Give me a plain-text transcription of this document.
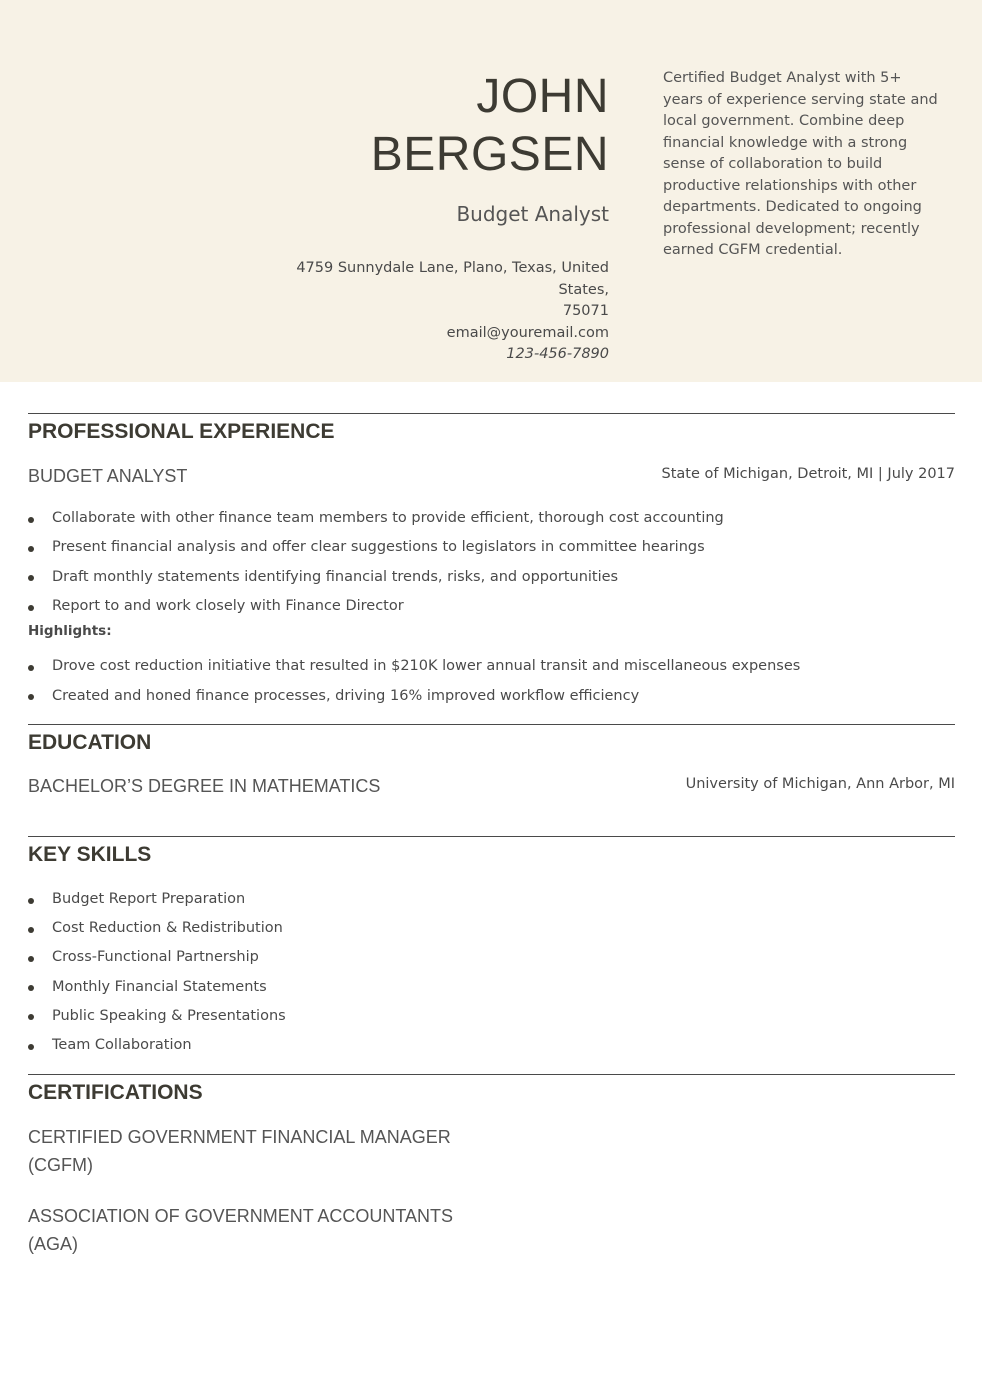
JOHN
BERGSEN
Budget Analyst
4759 Sunnydale Lane, Plano, Texas, United States,
75071
email@youremail.com
123-456-7890
Certified Budget Analyst with 5+ years of experience serving state and local government. Combine deep financial knowledge with a strong sense of collaboration to build productive relationships with other departments. Dedicated to ongoing professional development; recently earned CGFM credential.
PROFESSIONAL EXPERIENCE
BUDGET ANALYST	State of Michigan, Detroit, MI | July 2017
Collaborate with other finance team members to provide efficient, thorough cost accounting
Present financial analysis and offer clear suggestions to legislators in committee hearings
Draft monthly statements identifying financial trends, risks, and opportunities
Report to and work closely with Finance Director
Highlights:
Drove cost reduction initiative that resulted in $210K lower annual transit and miscellaneous expenses
Created and honed finance processes, driving 16% improved workflow efficiency
EDUCATION
BACHELOR’S DEGREE IN MATHEMATICS	University of Michigan, Ann Arbor, MI
KEY SKILLS
Budget Report Preparation
Cost Reduction & Redistribution
Cross-Functional Partnership
Monthly Financial Statements
Public Speaking & Presentations
Team Collaboration
CERTIFICATIONS
CERTIFIED GOVERNMENT FINANCIAL MANAGER
(CGFM)
ASSOCIATION OF GOVERNMENT ACCOUNTANTS
(AGA)
